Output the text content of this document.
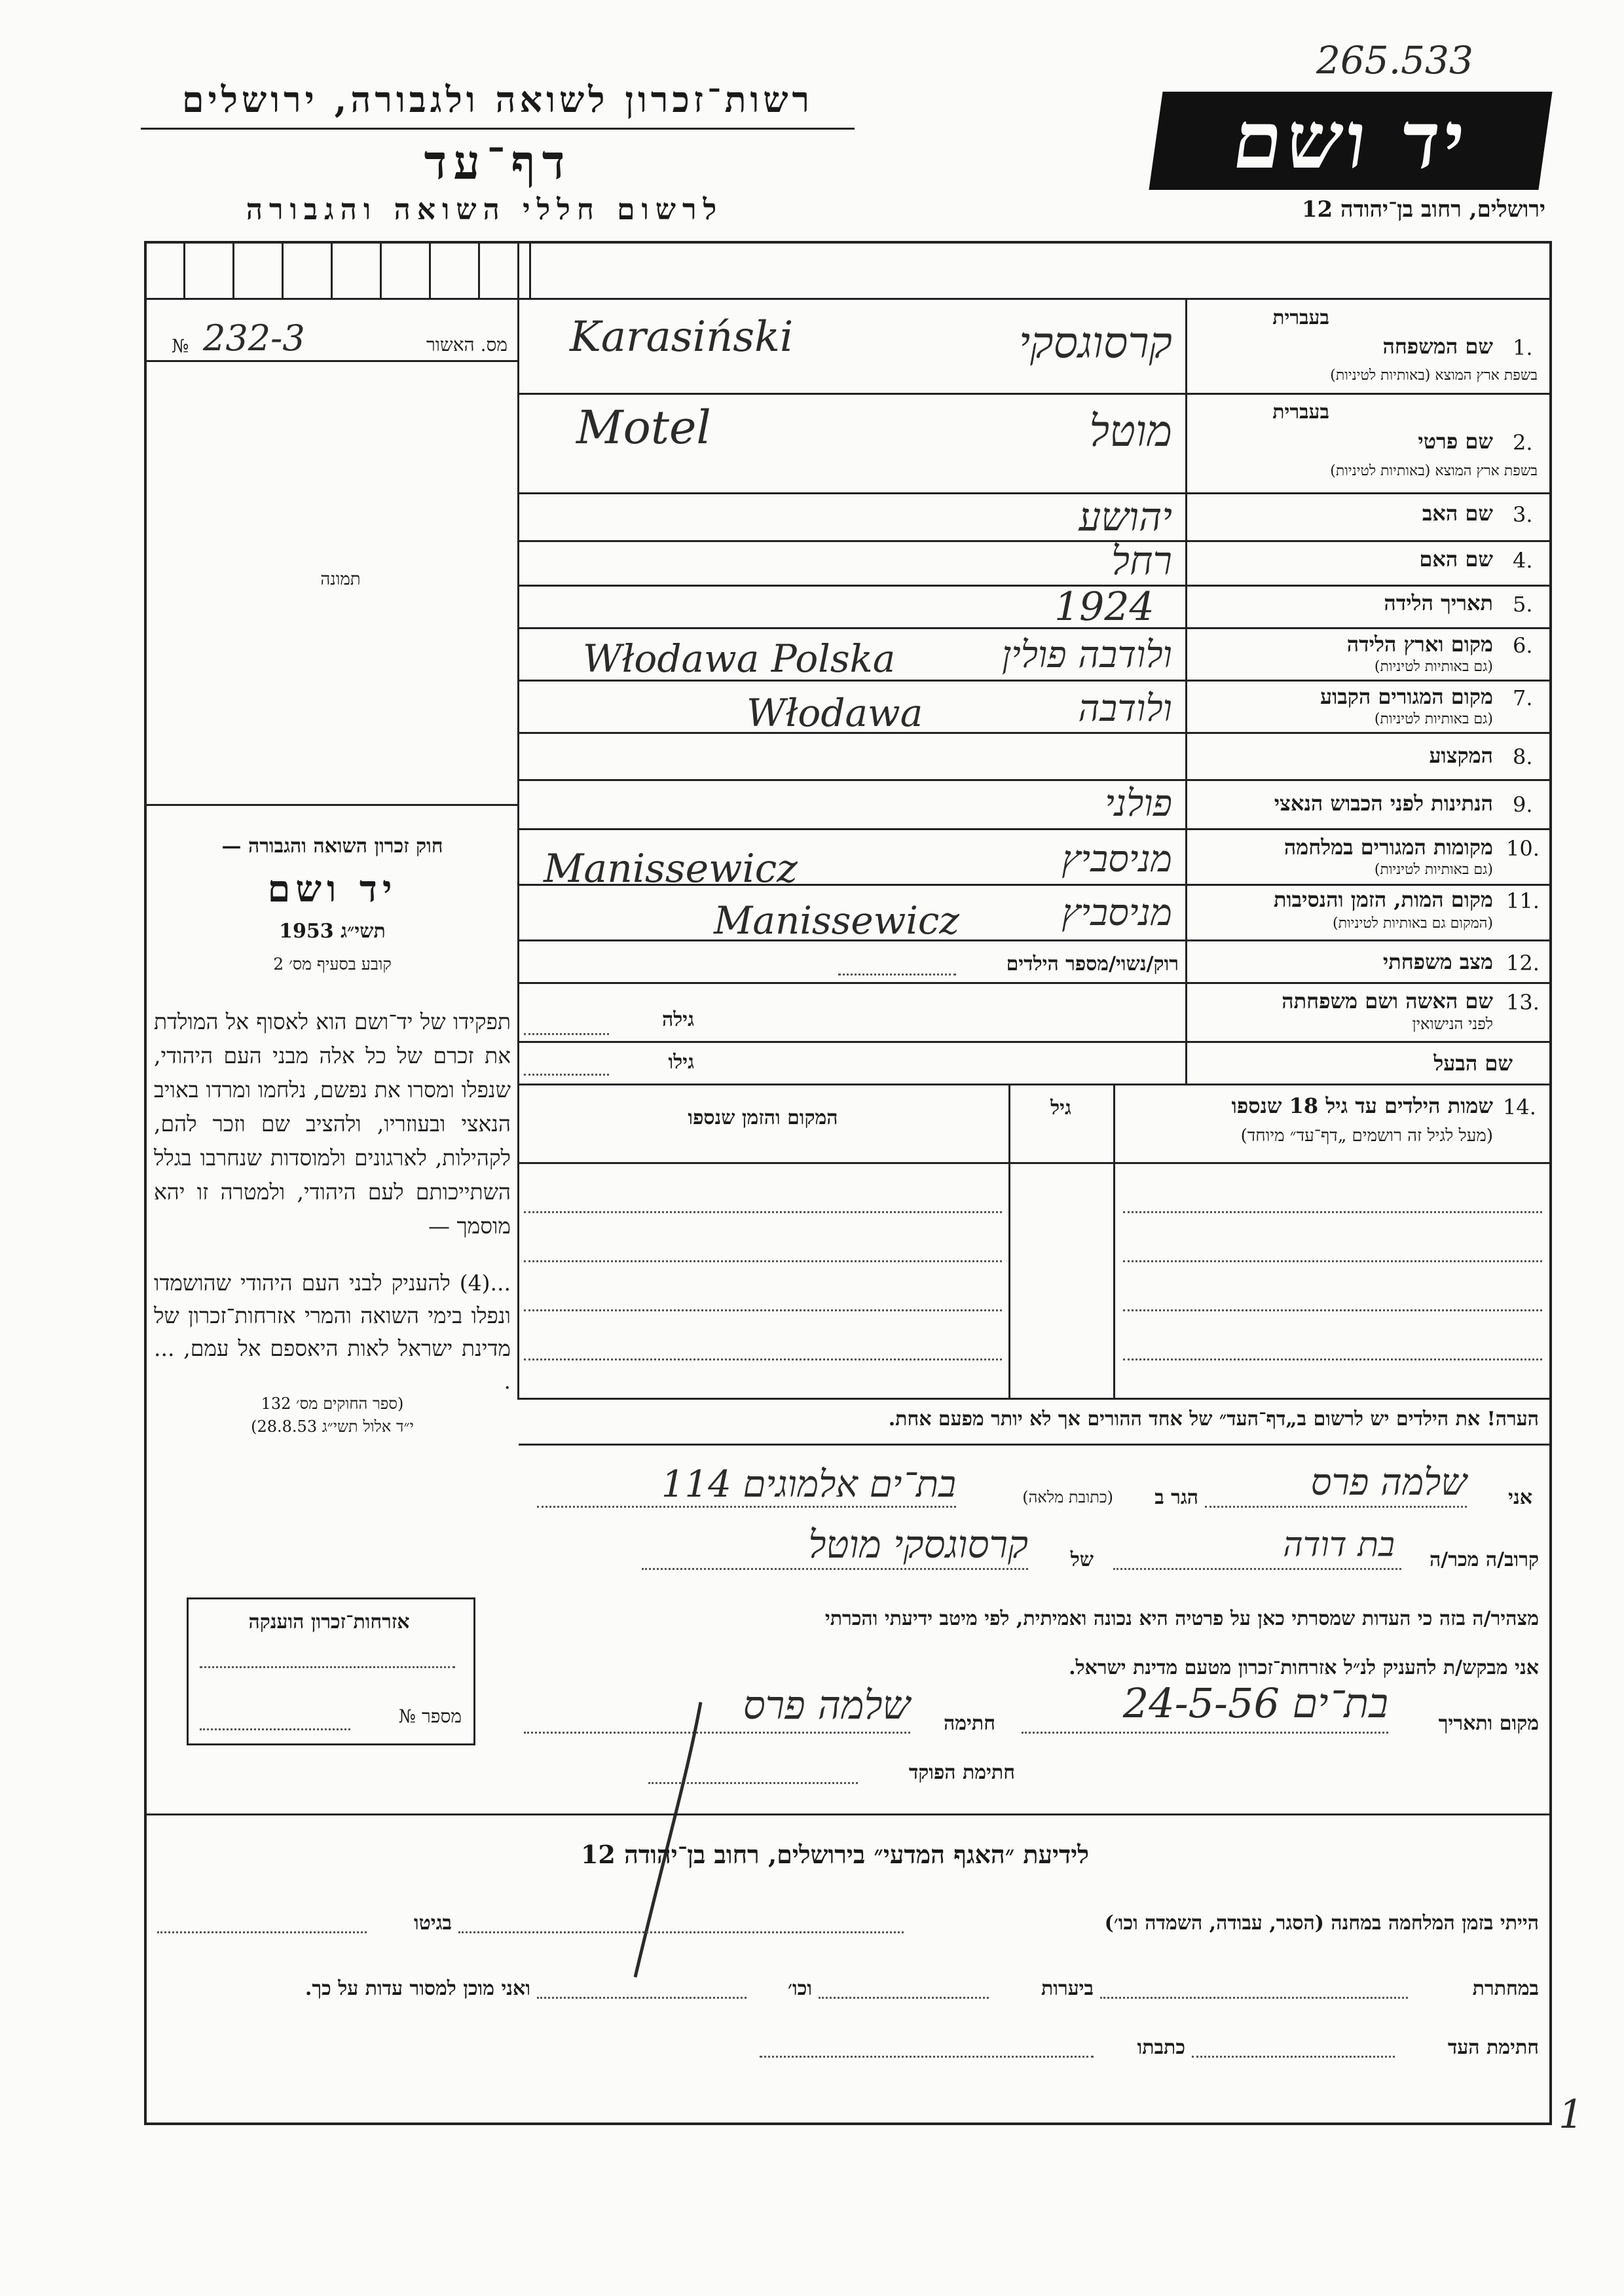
265.533
רשות־זכרון לשואה ולגבורה, ירושלים
דף־עד
לרשום חללי השואה והגבורה
יד ושם
ירושלים, רחוב בן־יהודה 12
מס. האשור
232-3
№
תמונה
חוק זכרון השואה והגבורה —
יד ושם
תשי״ג 1953
קובע בסעיף מס׳ 2
תפקידו של יד־ושם הוא לאסוף אל המולדת את זכרם של כל אלה מבני העם היהודי, שנפלו ומסרו את נפשם, נלחמו ומרדו באויב הנאצי ובעוזריו, ולהציב שם וזכר להם, לקהילות, לארגונים ולמוסדות שנחרבו בגלל השתייכותם לעם היהודי, ולמטרה זו יהא מוסמך —
...(4) להעניק לבני העם היהודי שהושמדו ונפלו בימי השואה והמרי אזרחות־זכרון של מדינת ישראל לאות היאספם אל עמם, ... .
(ספר החוקים מס׳ 132
י״ד אלול תשי״ג 28.8.53)
אזרחות־זכרון הוענקה
מספר №
בעברית
שם המשפחה 1.
בשפת ארץ המוצא (באותיות לטיניות)
קרסוגסקי
Karasiński
בעברית
שם פרטי 2.
בשפת ארץ המוצא (באותיות לטיניות)
מוטל
Motel
שם האב 3.
יהושע
שם האם 4.
רחל
תאריך הלידה 5.
1924
מקום וארץ הלידה 6.
(גם באותיות לטיניות)
ולודבה פולין
Włodawa Polska
מקום המגורים הקבוע 7.
(גם באותיות לטיניות)
ולודבה
Włodawa
המקצוע 8.
הנתינות לפני הכבוש הנאצי 9.
פולני
מקומות המגורים במלחמה 10.
(גם באותיות לטיניות)
מניסביץ
Manissewicz
מקום המות, הזמן והנסיבות 11.
(המקום גם באותיות לטיניות)
מניסביץ
Manissewicz
מצב משפחתי 12.
רוק/נשוי/מספר הילדים
שם האשה ושם משפחתה 13.
לפני הנישואין
גילה
שם הבעל
גילו
שמות הילדים עד גיל 18 שנספו 14.
(מעל לגיל זה רושמים „דף־עד״ מיוחד)
גיל
המקום והזמן שנספו
הערה! את הילדים יש לרשום ב„דף־העד״ של אחד ההורים אך לא יותר מפעם אחת.
אני
שלמה פרס
הגר ב
(כתובת מלאה)
בת־ים אלמוגים 114
קרוב/ה מכר/ה
בת דודה
של
קרסוגסקי מוטל
מצהיר/ה בזה כי העדות שמסרתי כאן על פרטיה היא נכונה ואמיתית, לפי מיטב ידיעתי והכרתי
אני מבקש/ת להעניק לנ״ל אזרחות־זכרון מטעם מדינת ישראל.
מקום ותאריך
בת־ים 24-5-56
חתימה
שלמה פרס
חתימת הפוקד
לידיעת ״האגף המדעי״ בירושלים, רחוב בן־יהודה 12
הייתי בזמן המלחמה במחנה (הסגר, עבודה, השמדה וכו׳)
בגיטו
במחתרת
ביערות
וכו׳
ואני מוכן למסור עדות על כך.
חתימת העד
כתבתו
1
